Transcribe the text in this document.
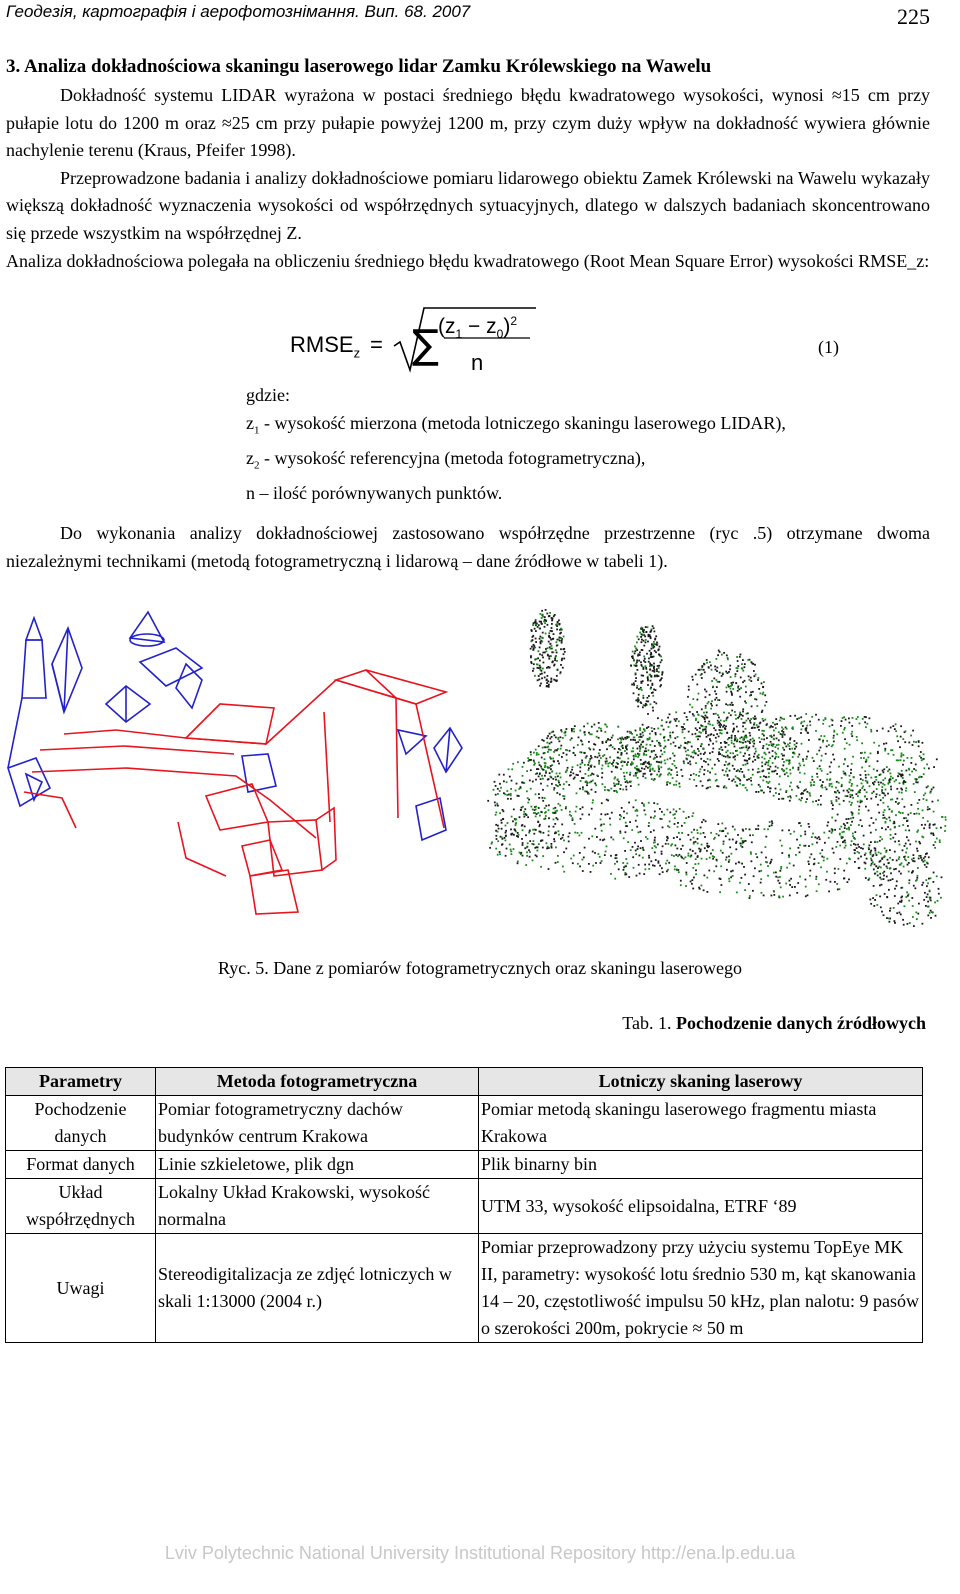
Геодезія, картографія і аерофотознімання. Вип. 68. 2007	225
3. Analiza dokładnościowa skaningu laserowego lidar Zamku Królewskiego na Wawelu

Dokładność systemu LIDAR wyrażona w postaci średniego błędu kwadratowego wysokości, wynosi ≈15 cm przy pułapie lotu do 1200 m oraz ≈25 cm przy pułapie powyżej 1200 m, przy czym duży wpływ na dokładność wywiera głównie nachylenie terenu (Kraus, Pfeifer 1998).

Przeprowadzone badania i analizy dokładnościowe pomiaru lidarowego obiektu Zamek Królewski na Wawelu wykazały większą dokładność wyznaczenia wysokości od współrzędnych sytuacyjnych, dlatego w dalszych badaniach skoncentrowano się przede wszystkim na współrzędnej Z.

Analiza dokładnościowa polegała na obliczeniu średniego błędu kwadratowego (Root Mean Square Error) wysokości RMSE_z:

$RMSE_z$ = ∑ $(z_1 - z_0)^2$
n
(1)
gdzie:
$z_1$ - wysokość mierzona (metoda lotniczego skaningu laserowego LIDAR),
$z_2$ - wysokość referencyjna (metoda fotogrametryczna),
n – ilość porównywanych punktów.

Do wykonania analizy dokładnościowej zastosowano współrzędne przestrzenne (ryc .5) otrzymane dwoma niezależnymi technikami (metodą fotogrametryczną i lidarową – dane źródłowe w tabeli 1).

Ryc. 5. Dane z pomiarów fotogrametrycznych oraz skaningu laserowego
Tab. 1. Pochodzenie danych źródłowych
Parametry	Metoda fotogrametryczna	Lotniczy skaning laserowy
Pochodzenie danych	Pomiar fotogrametryczny dachów budynków centrum Krakowa	Pomiar metodą skaningu laserowego fragmentu miasta Krakowa
Format danych	Linie szkieletowe, plik dgn	Plik binarny bin
Układ współrzędnych	Lokalny Układ Krakowski, wysokość normalna	UTM 33, wysokość elipsoidalna, ETRF ‘89
Uwagi	Stereodigitalizacja ze zdjęć lotniczych w skali 1:13000 (2004 r.)	Pomiar przeprowadzony przy użyciu systemu TopEye MK II, parametry: wysokość lotu średnio 530 m, kąt skanowania 14 – 20, częstotliwość impulsu 50 kHz, plan nalotu: 9 pasów o szerokości 200m, pokrycie ≈ 50 m
Lviv Polytechnic National University Institutional Repository http://ena.lp.edu.ua
